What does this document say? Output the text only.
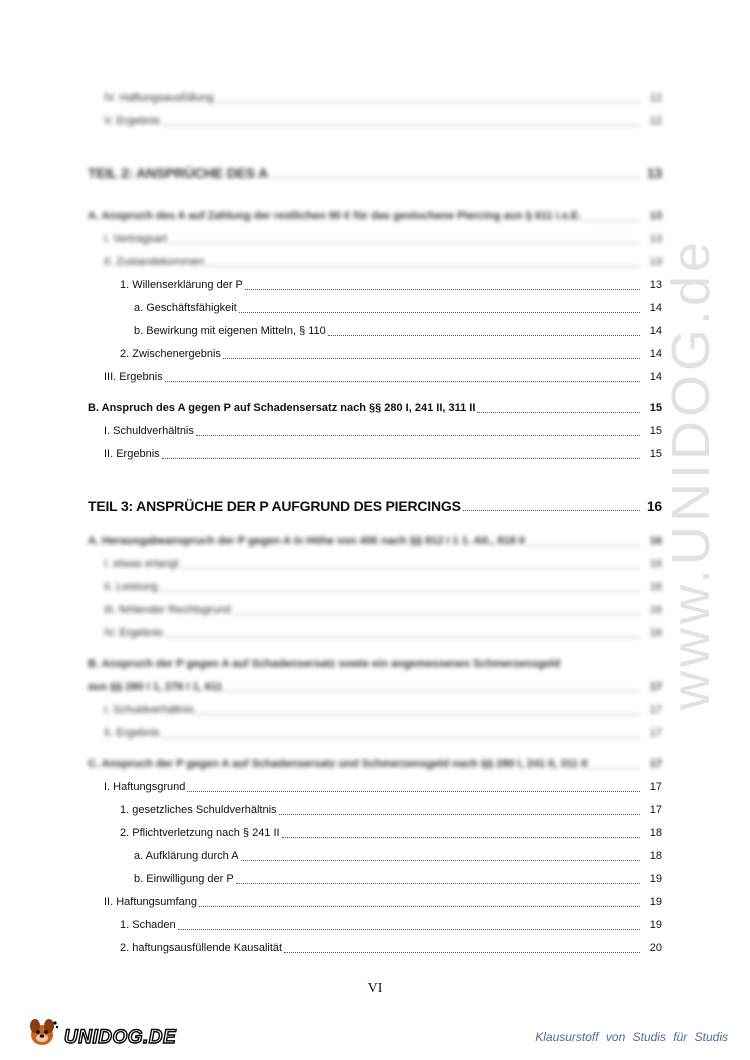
IV. Haftungsausfüllung	12
V. Ergebnis	12
TEIL 2: ANSPRÜCHE DES A	13
A. Anspruch des A auf Zahlung der restlichen 90 € für das gestochene Piercing aus § 611 i.s.E.	13
I. Vertragsart	13
II. Zustandekommen	13
1. Willenserklärung der P	13
a. Geschäftsfähigkeit	14
b. Bewirkung mit eigenen Mitteln, § 110	14
2. Zwischenergebnis	14
III. Ergebnis	14
B. Anspruch des A gegen P auf Schadensersatz nach §§ 280 I, 241 II, 311 II	15
I. Schuldverhältnis	15
II. Ergebnis	15
TEIL 3: ANSPRÜCHE DER P AUFGRUND DES PIERCINGS	16
A. Herausgabeanspruch der P gegen A in Höhe von 40€ nach §§ 812 I 1 1. Alt., 818 II	16
I. etwas erlangt	16
II. Leistung	16
III. fehlender Rechtsgrund	16
IV. Ergebnis	16
B. Anspruch der P gegen A auf Schadensersatz sowie ein angemessenes Schmerzensgeld
aus §§ 280 I 1, 276 I 1, 611	17
I. Schuldverhältnis	17
II. Ergebnis	17
C. Anspruch der P gegen A auf Schadensersatz und Schmerzensgeld nach §§ 280 I, 241 II, 311 II	17
I. Haftungsgrund	17
1. gesetzliches Schuldverhältnis	17
2. Pflichtverletzung nach § 241 II	18
a. Aufklärung durch A	18
b. Einwilligung der P	19
II. Haftungsumfang	19
1. Schaden	19
2. haftungsausfüllende Kausalität	20
www.UNIDOG.de
VI
UNIDOG.DE	Klausurstoff von Studis für Studis
